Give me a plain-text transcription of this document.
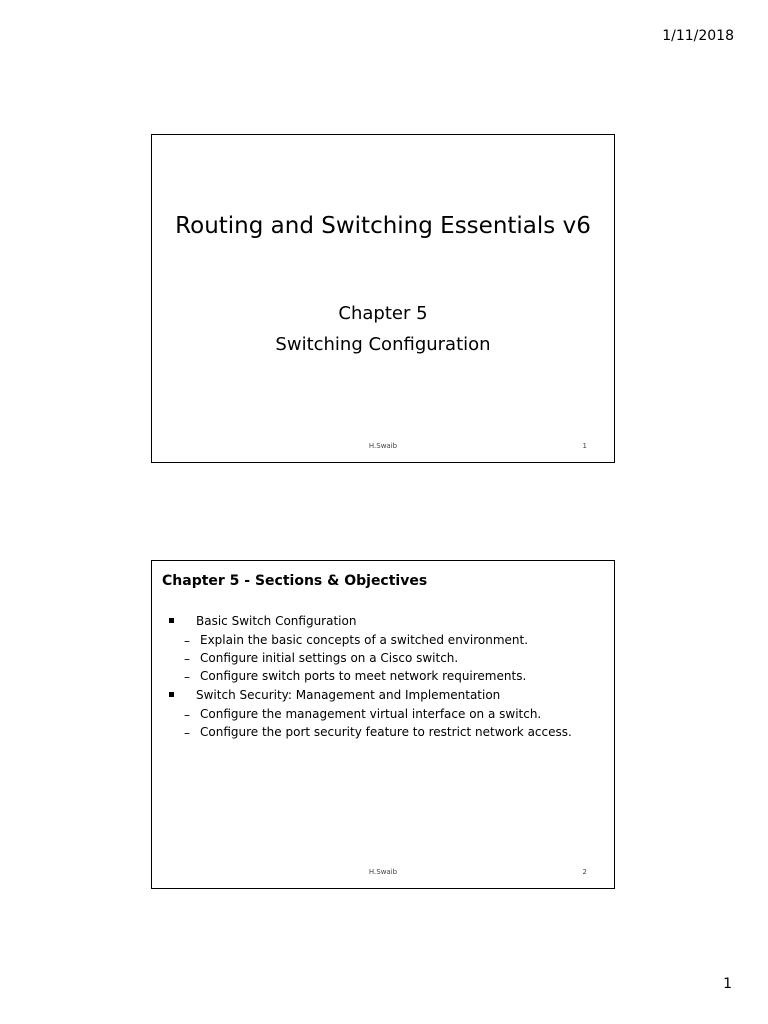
1/11/2018
Routing and Switching Essentials v6
Chapter 5
Switching Configuration
H.Swaib	1
Chapter 5 - Sections & Objectives
Basic Switch Configuration
– Explain the basic concepts of a switched environment.
– Configure initial settings on a Cisco switch.
– Configure switch ports to meet network requirements.
Switch Security: Management and Implementation
– Configure the management virtual interface on a switch.
– Configure the port security feature to restrict network access.
H.Swaib	2
1
